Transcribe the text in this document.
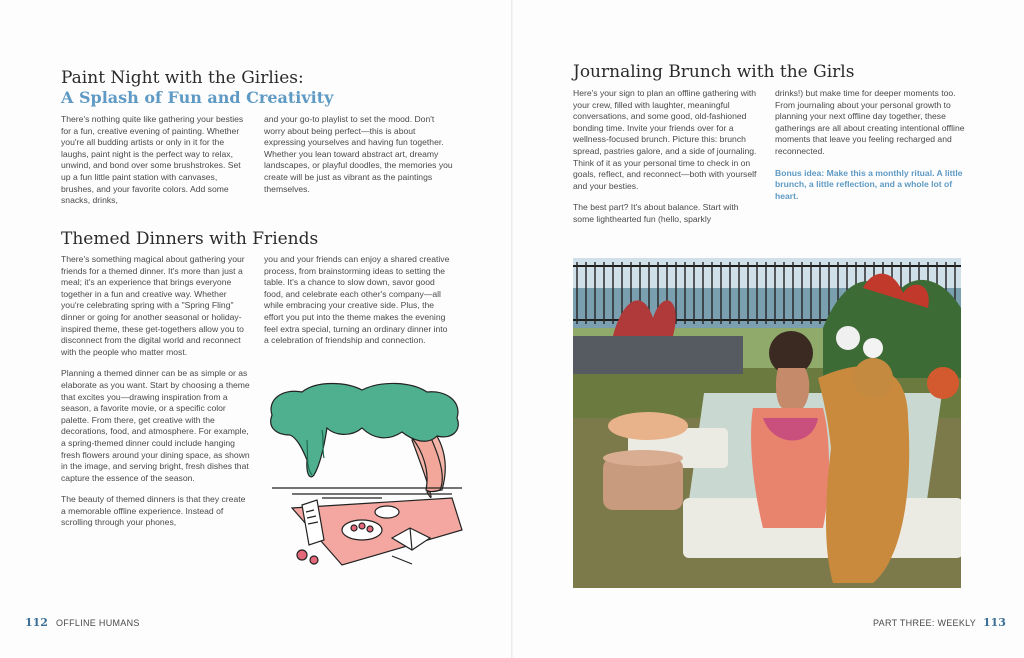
Paint Night with the Girlies:
A Splash of Fun and Creativity

There's nothing quite like gathering your besties for a fun, creative evening of painting. Whether you're all budding artists or only in it for the laughs, paint night is the perfect way to relax, unwind, and bond over some brushstrokes. Set up a fun little paint station with canvases, brushes, and your favorite colors. Add some snacks, drinks,

and your go-to playlist to set the mood. Don't worry about being perfect—this is about expressing yourselves and having fun together. Whether you lean toward abstract art, dreamy landscapes, or playful doodles, the memories you create will be just as vibrant as the paintings themselves.

Themed Dinners with Friends

There's something magical about gathering your friends for a themed dinner. It's more than just a meal; it's an experience that brings everyone together in a fun and creative way. Whether you're celebrating spring with a "Spring Fling" dinner or going for another seasonal or holiday-inspired theme, these get-togethers allow you to disconnect from the digital world and reconnect with the people who matter most.

Planning a themed dinner can be as simple or as elaborate as you want. Start by choosing a theme that excites you—drawing inspiration from a season, a favorite movie, or a specific color palette. From there, get creative with the decorations, food, and atmosphere. For example, a spring-themed dinner could include hanging fresh flowers around your dining space, as shown in the image, and serving bright, fresh dishes that capture the essence of the season.

The beauty of themed dinners is that they create a memorable offline experience. Instead of scrolling through your phones,

you and your friends can enjoy a shared creative process, from brainstorming ideas to setting the table. It's a chance to slow down, savor good food, and celebrate each other's company—all while embracing your creative side. Plus, the effort you put into the theme makes the evening feel extra special, turning an ordinary dinner into a celebration of friendship and connection.

112 OFFLINE HUMANS
Journaling Brunch with the Girls

Here's your sign to plan an offline gathering with your crew, filled with laughter, meaningful conversations, and some good, old-fashioned bonding time. Invite your friends over for a wellness-focused brunch. Picture this: brunch spread, pastries galore, and a side of journaling. Think of it as your personal time to check in on goals, reflect, and reconnect—both with yourself and your besties.

The best part? It's about balance. Start with some lighthearted fun (hello, sparkly

drinks!) but make time for deeper moments too. From journaling about your personal growth to planning your next offline day together, these gatherings are all about creating intentional offline moments that leave you feeling recharged and reconnected.

Bonus idea: Make this a monthly ritual. A little brunch, a little reflection, and a whole lot of heart.

PART THREE: WEEKLY 113
